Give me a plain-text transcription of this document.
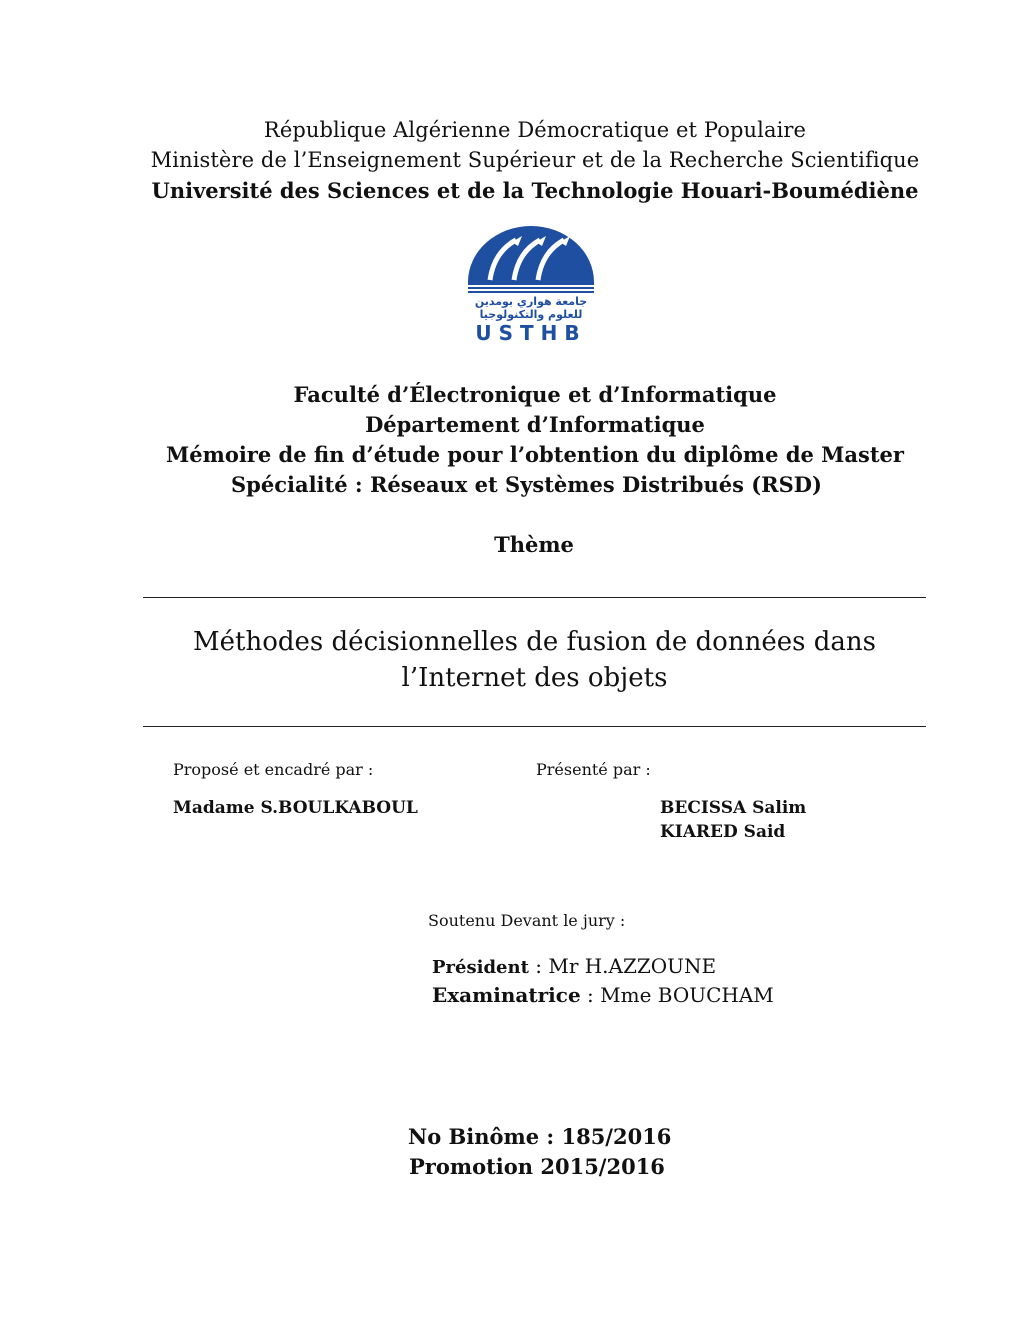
République Algérienne Démocratique et Populaire
Ministère de l’Enseignement Supérieur et de la Recherche Scientifique
Université des Sciences et de la Technologie Houari-Boumédiène
جامعة هواري بومدين
للعلوم والتكنولوجيا
USTHB
Faculté d’Électronique et d’Informatique
Département d’Informatique
Mémoire de fin d’étude pour l’obtention du diplôme de Master
Spécialité : Réseaux et Systèmes Distribués (RSD)
Thème
Méthodes décisionnelles de fusion de données dans
l’Internet des objets
Proposé et encadré par :
Madame S.BOULKABOUL
Présenté par :
BECISSA Salim
KIARED Said
Soutenu Devant le jury :
Président : Mr H.AZZOUNE
Examinatrice : Mme BOUCHAM
No Binôme : 185/2016
Promotion 2015/2016
